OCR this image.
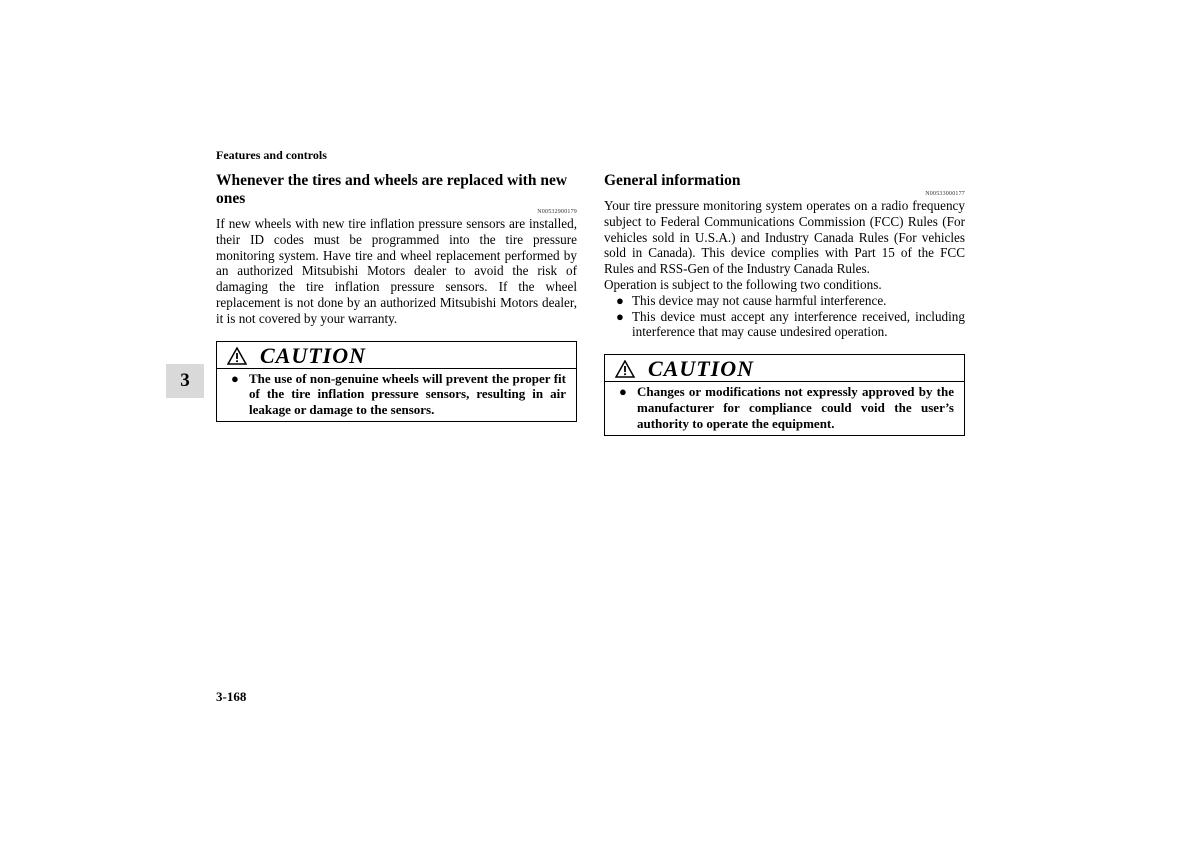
Features and controls
3
Whenever the tires and wheels are replaced with new ones
N00532900179

If new wheels with new tire inflation pressure sensors are installed, their ID codes must be programmed into the tire pressure monitoring system. Have tire and wheel replacement performed by an authorized Mitsubishi Motors dealer to avoid the risk of damaging the tire inflation pressure sensors. If the wheel replacement is not done by an authorized Mitsubishi Motors dealer, it is not covered by your warranty.

CAUTION
● The use of non-genuine wheels will prevent the proper fit of the tire inflation pressure sensors, resulting in air leakage or damage to the sensors.
General information
N00533000177

Your tire pressure monitoring system operates on a radio frequency subject to Federal Communications Commission (FCC) Rules (For vehicles sold in U.S.A.) and Industry Canada Rules (For vehicles sold in Canada). This device complies with Part 15 of the FCC Rules and RSS-Gen of the Industry Canada Rules.

Operation is subject to the following two conditions.

● This device may not cause harmful interference.
● This device must accept any interference received, including interference that may cause undesired operation.
CAUTION
● Changes or modifications not expressly approved by the manufacturer for compliance could void the user’s authority to operate the equipment.
3-168
